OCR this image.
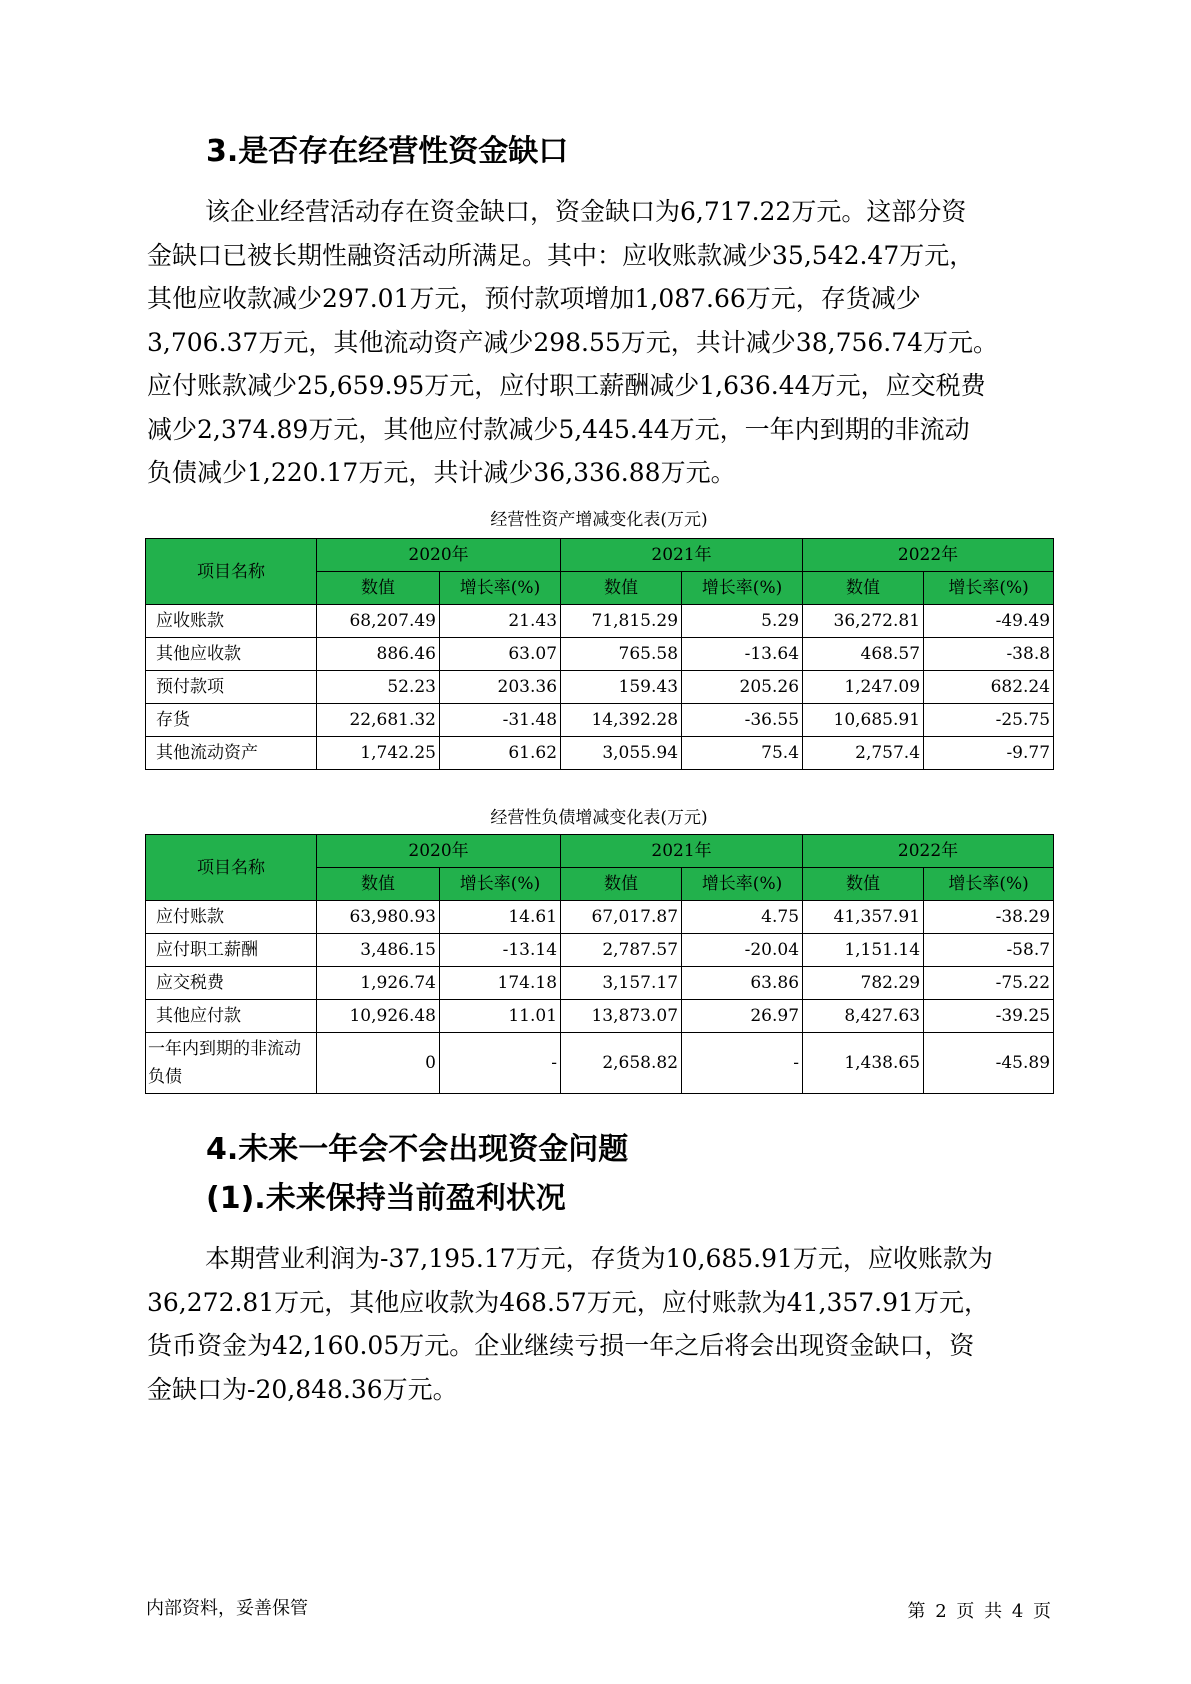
3.是否存在经营性资金缺口
该企业经营活动存在资金缺口，资金缺口为6,717.22万元。这部分资
金缺口已被长期性融资活动所满足。其中：应收账款减少35,542.47万元，
其他应收款减少297.01万元，预付款项增加1,087.66万元，存货减少
3,706.37万元，其他流动资产减少298.55万元，共计减少38,756.74万元。
应付账款减少25,659.95万元，应付职工薪酬减少1,636.44万元，应交税费
减少2,374.89万元，其他应付款减少5,445.44万元，一年内到期的非流动
负债减少1,220.17万元，共计减少36,336.88万元。
经营性资产增减变化表(万元)
项目名称	2020年		2021年		2022年	
	数值	增长率(%)	数值	增长率(%)	数值	增长率(%)
应收账款	68,207.49	21.43	71,815.29	5.29	36,272.81	-49.49
其他应收款	886.46	63.07	765.58	-13.64	468.57	-38.8
预付款项	52.23	203.36	159.43	205.26	1,247.09	682.24
存货	22,681.32	-31.48	14,392.28	-36.55	10,685.91	-25.75
其他流动资产	1,742.25	61.62	3,055.94	75.4	2,757.4	-9.77
经营性负债增减变化表(万元)
项目名称	2020年		2021年		2022年	
	数值	增长率(%)	数值	增长率(%)	数值	增长率(%)
应付账款	63,980.93	14.61	67,017.87	4.75	41,357.91	-38.29
应付职工薪酬	3,486.15	-13.14	2,787.57	-20.04	1,151.14	-58.7
应交税费	1,926.74	174.18	3,157.17	63.86	782.29	-75.22
其他应付款	10,926.48	11.01	13,873.07	26.97	8,427.63	-39.25
一年内到期的非流动负债	0	-	2,658.82	-	1,438.65	-45.89
4.未来一年会不会出现资金问题
(1).未来保持当前盈利状况
本期营业利润为-37,195.17万元，存货为10,685.91万元，应收账款为
36,272.81万元，其他应收款为468.57万元，应付账款为41,357.91万元，
货币资金为42,160.05万元。企业继续亏损一年之后将会出现资金缺口，资
金缺口为-20,848.36万元。
内部资料，妥善保管	第 2 页 共 4 页
